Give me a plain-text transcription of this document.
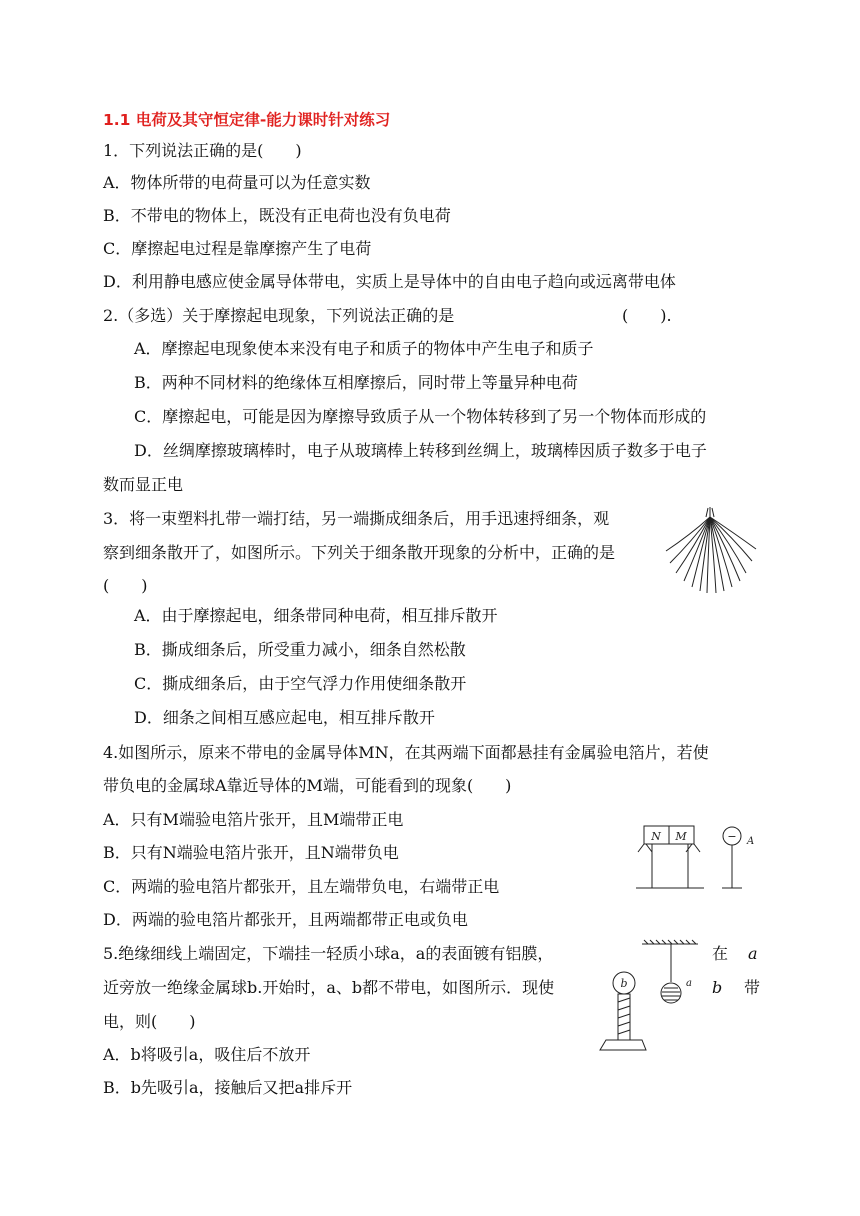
1.1 电荷及其守恒定律-能力课时针对练习
1．下列说法正确的是(　　)
A．物体所带的电荷量可以为任意实数
B．不带电的物体上，既没有正电荷也没有负电荷
C．摩擦起电过程是靠摩擦产生了电荷
D．利用静电感应使金属导体带电，实质上是导体中的自由电子趋向或远离带电体
2.（多选）关于摩擦起电现象，下列说法正确的是	(　　).
A．摩擦起电现象使本来没有电子和质子的物体中产生电子和质子
B．两种不同材料的绝缘体互相摩擦后，同时带上等量异种电荷
C．摩擦起电，可能是因为摩擦导致质子从一个物体转移到了另一个物体而形成的
D．丝绸摩擦玻璃棒时，电子从玻璃棒上转移到丝绸上，玻璃棒因质子数多于电子
数而显正电
3．将一束塑料扎带一端打结，另一端撕成细条后，用手迅速捋细条，观
察到细条散开了，如图所示。下列关于细条散开现象的分析中，正确的是
(　　)
A．由于摩擦起电，细条带同种电荷，相互排斥散开
B．撕成细条后，所受重力减小，细条自然松散
C．撕成细条后，由于空气浮力作用使细条散开
D．细条之间相互感应起电，相互排斥散开
4.如图所示，原来不带电的金属导体MN，在其两端下面都悬挂有金属验电箔片，若使
带负电的金属球A靠近导体的M端，可能看到的现象(　　)
A．只有M端验电箔片张开，且M端带正电
B．只有N端验电箔片张开，且N端带负电
C．两端的验电箔片都张开，且左端带负电，右端带正电
D．两端的验电箔片都张开，且两端都带正电或负电
N M	− A
5.绝缘细线上端固定，下端挂一轻质小球a，a的表面镀有铝膜，	在 a
近旁放一绝缘金属球b.开始时，a、b都不带电，如图所示．现使	b 带
电，则(　　)
A．b将吸引a，吸住后不放开
B．b先吸引a，接触后又把a排斥开
b	a
